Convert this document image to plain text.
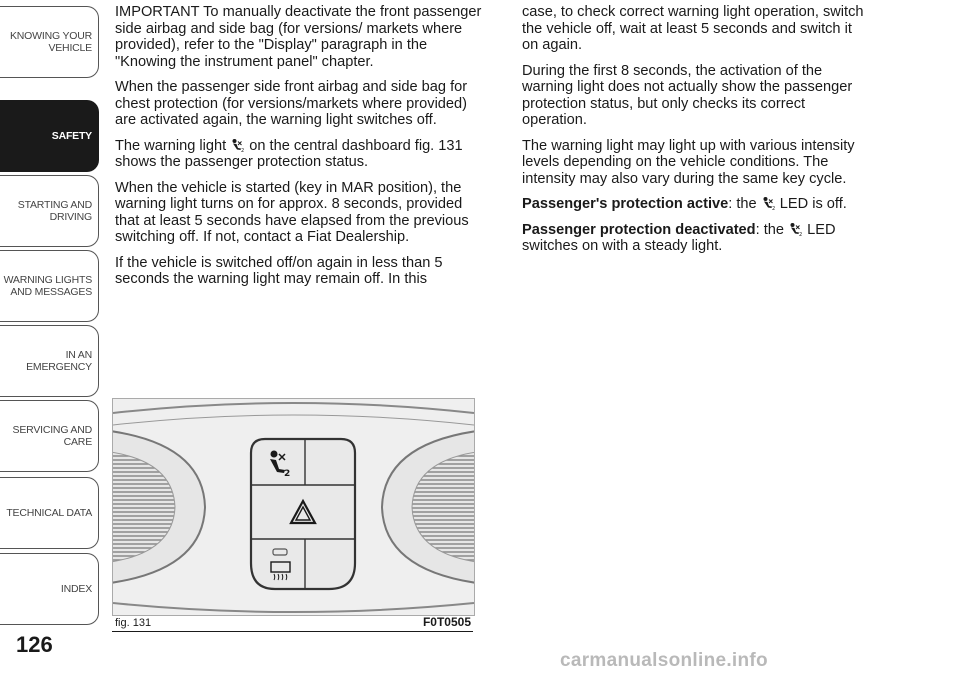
KNOWING YOUR
VEHICLE
SAFETY
STARTING AND
DRIVING
WARNING LIGHTS
AND MESSAGES
IN AN EMERGENCY
SERVICING AND
CARE
TECHNICAL DATA
INDEX
126

IMPORTANT To manually deactivate the front passenger side airbag and side bag (for versions/ markets where provided), refer to the "Display" paragraph in the "Knowing the instrument panel" chapter.

When the passenger side front airbag and side bag for chest protection (for versions/markets where provided) are activated again, the warning light switches off.

The warning light 2 on the central dashboard fig. 131 shows the passenger protection status.

When the vehicle is started (key in MAR position), the warning light turns on for approx. 8 seconds, provided that at least 5 seconds have elapsed from the previous switching off. If not, contact a Fiat Dealership.

If the vehicle is switched off/on again in less than 5 seconds the warning light may remain off. In this

case, to check correct warning light operation, switch the vehicle off, wait at least 5 seconds and switch it on again.

During the first 8 seconds, the activation of the warning light does not actually show the passenger protection status, but only checks its correct operation.

The warning light may light up with various intensity levels depending on the vehicle conditions. The intensity may also vary during the same key cycle.

Passenger's protection active: the 2 LED is off.

Passenger protection deactivated: the 2 LED switches on with a steady light.

2
fig. 131	F0T0505
carmanualsonline.info
